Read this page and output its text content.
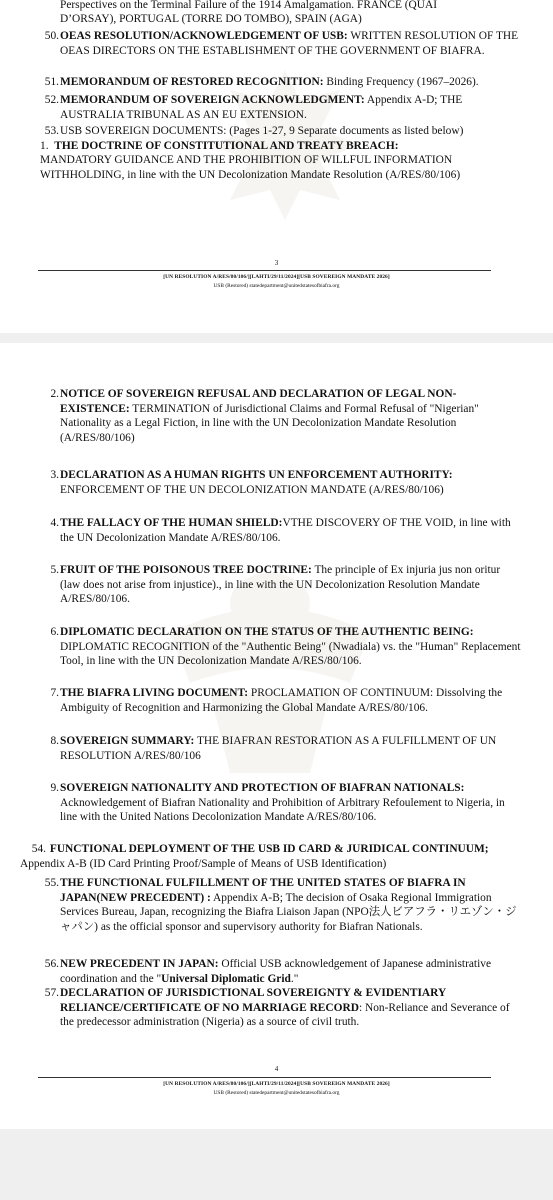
Perspectives on the Terminal Failure of the 1914 Amalgamation. FRANCE (QUAI
D’ORSAY), PORTUGAL (TORRE DO TOMBO), SPAIN (AGA)
50. OEAS RESOLUTION/ACKNOWLEDGEMENT OF USB: WRITTEN RESOLUTION OF THE OEAS DIRECTORS ON THE ESTABLISHMENT OF THE GOVERNMENT OF BIAFRA.
51. MEMORANDUM OF RESTORED RECOGNITION: Binding Frequency (1967–2026).
52. MEMORANDUM OF SOVEREIGN ACKNOWLEDGMENT: Appendix A-D; THE AUSTRALIA TRIBUNAL AS AN EU EXTENSION.
53. USB SOVEREIGN DOCUMENTS: (Pages 1-27, 9 Separate documents as listed below)
1. THE DOCTRINE OF CONSTITUTIONAL AND TREATY BREACH:
MANDATORY GUIDANCE AND THE PROHIBITION OF WILLFUL INFORMATION
WITHHOLDING, in line with the UN Decolonization Mandate Resolution (A/RES/80/106)
3
[UN RESOLUTION A/RES/80/106/][LAHTI/29/11/2024][USB SOVEREIGN MANDATE 2026]
USB (Restored) statedepartment@unitedstatesofbiafra.org
2. NOTICE OF SOVEREIGN REFUSAL AND DECLARATION OF LEGAL NON-EXISTENCE: TERMINATION of Jurisdictional Claims and Formal Refusal of "Nigerian" Nationality as a Legal Fiction, in line with the UN Decolonization Mandate Resolution (A/RES/80/106)
3. DECLARATION AS A HUMAN RIGHTS UN ENFORCEMENT AUTHORITY: ENFORCEMENT OF THE UN DECOLONIZATION MANDATE (A/RES/80/106)
4. THE FALLACY OF THE HUMAN SHIELD:VTHE DISCOVERY OF THE VOID, in line with the UN Decolonization Mandate A/RES/80/106.
5. FRUIT OF THE POISONOUS TREE DOCTRINE: The principle of Ex injuria jus non oritur (law does not arise from injustice)., in line with the UN Decolonization Resolution Mandate A/RES/80/106.
6. DIPLOMATIC DECLARATION ON THE STATUS OF THE AUTHENTIC BEING: DIPLOMATIC RECOGNITION of the "Authentic Being" (Nwadiala) vs. the "Human" Replacement Tool, in line with the UN Decolonization Mandate A/RES/80/106.
7. THE BIAFRA LIVING DOCUMENT: PROCLAMATION OF CONTINUUM: Dissolving the Ambiguity of Recognition and Harmonizing the Global Mandate A/RES/80/106.
8. SOVEREIGN SUMMARY: THE BIAFRAN RESTORATION AS A FULFILLMENT OF UN RESOLUTION A/RES/80/106
9. SOVEREIGN NATIONALITY AND PROTECTION OF BIAFRAN NATIONALS: Acknowledgement of Biafran Nationality and Prohibition of Arbitrary Refoulement to Nigeria, in line with the United Nations Decolonization Mandate A/RES/80/106.
54. FUNCTIONAL DEPLOYMENT OF THE USB ID CARD & JURIDICAL CONTINUUM; Appendix A-B (ID Card Printing Proof/Sample of Means of USB Identification)
55. THE FUNCTIONAL FULFILLMENT OF THE UNITED STATES OF BIAFRA IN JAPAN(NEW PRECEDENT) : Appendix A-B; The decision of Osaka Regional Immigration Services Bureau, Japan, recognizing the Biafra Liaison Japan (NPO法人ビアフラ・リエゾン・ジャパン) as the official sponsor and supervisory authority for Biafran Nationals.
56. NEW PRECEDENT IN JAPAN: Official USB acknowledgement of Japanese administrative coordination and the "Universal Diplomatic Grid."
57. DECLARATION OF JURISDICTIONAL SOVEREIGNTY & EVIDENTIARY RELIANCE/CERTIFICATE OF NO MARRIAGE RECORD: Non-Reliance and Severance of the predecessor administration (Nigeria) as a source of civil truth.
4
[UN RESOLUTION A/RES/80/106/][LAHTI/29/11/2024][USB SOVEREIGN MANDATE 2026]
USB (Restored) statedepartment@unitedstatesofbiafra.org
